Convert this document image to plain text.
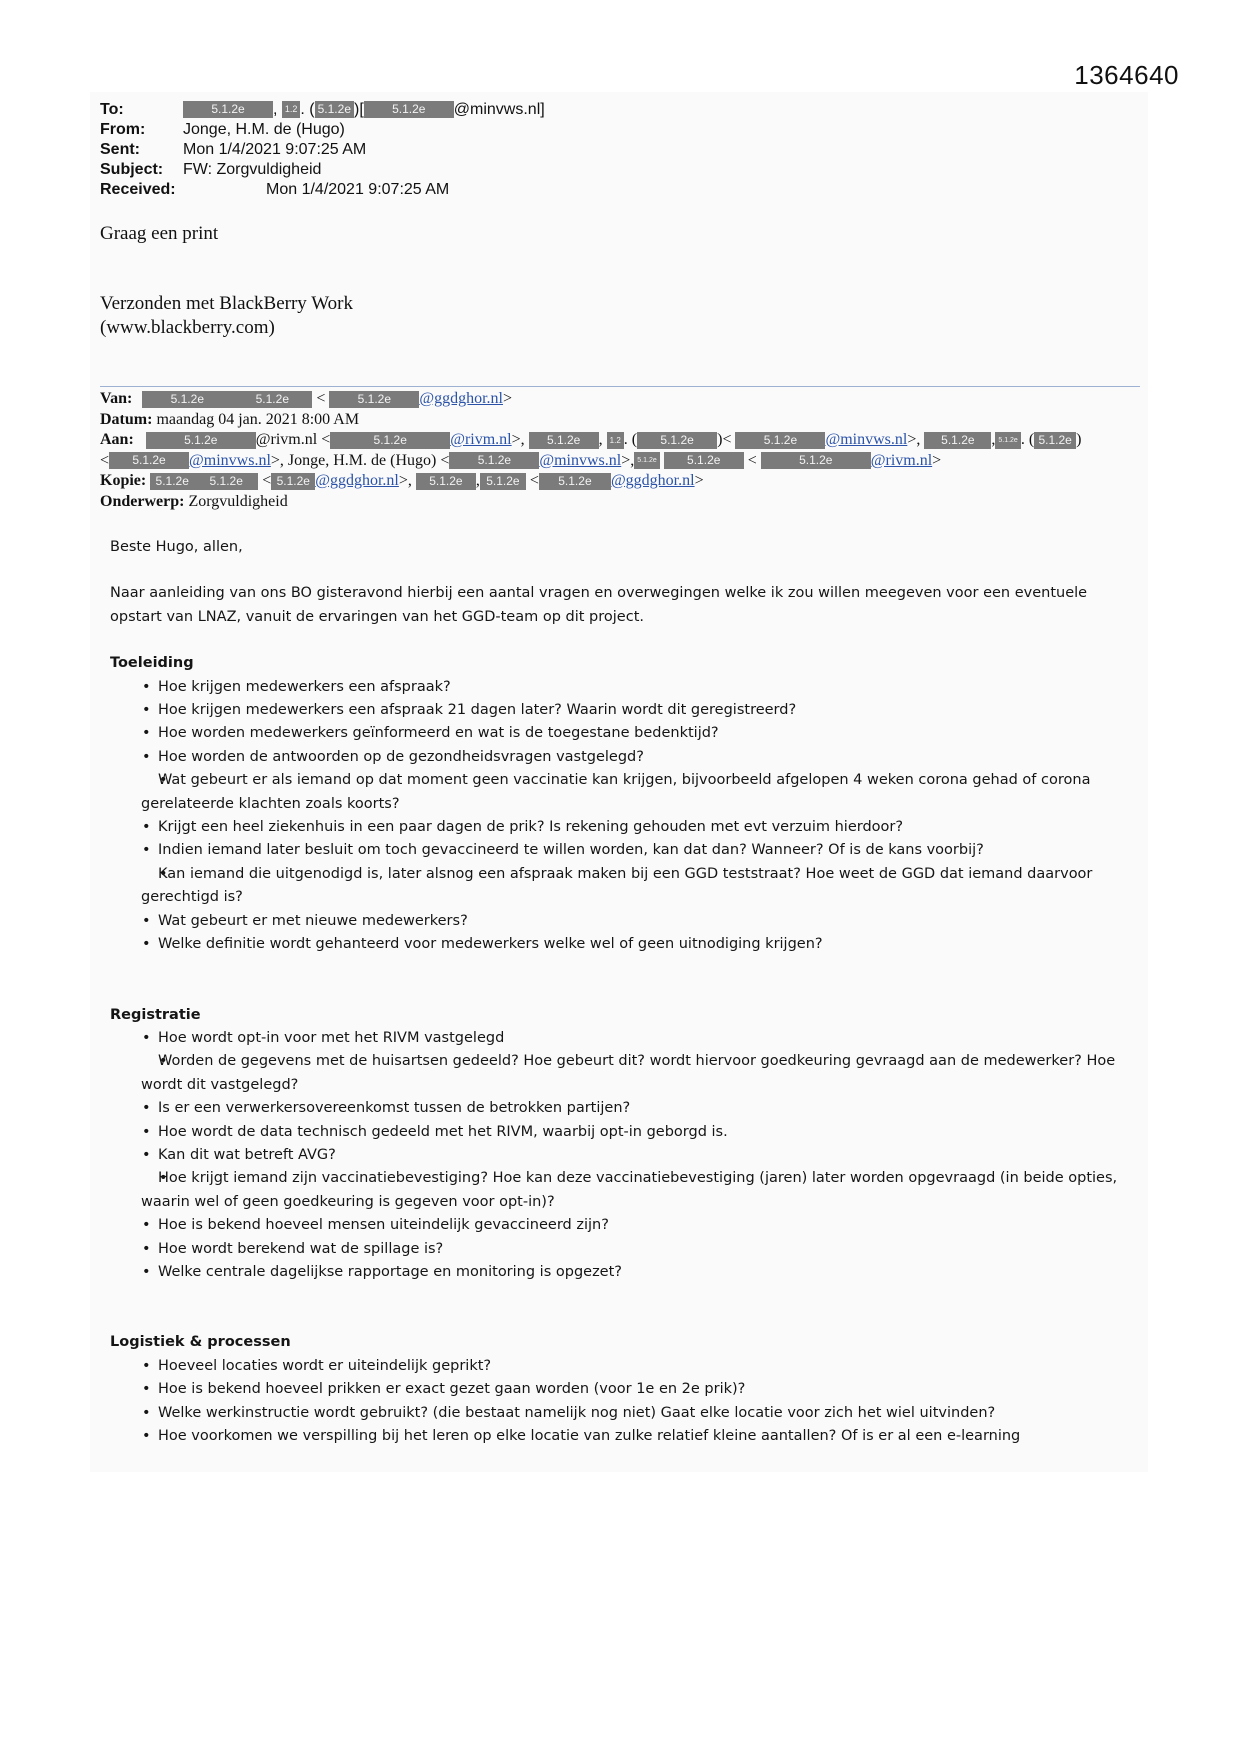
1364640
To:	5.1.2e , 1.2 . ( 5.1.2e )[ 5.1.2e @minvws.nl]
From:	Jonge, H.M. de (Hugo)
Sent:	Mon 1/4/2021 9:07:25 AM
Subject:	FW: Zorgvuldigheid
Received:	Mon 1/4/2021 9:07:25 AM
Graag een print
Verzonden met BlackBerry Work
(www.blackberry.com)
Van:	5.1.2e	5.1.2e < 5.1.2e @ggdghor.nl>
Datum: maandag 04 jan. 2021 8:00 AM
Aan:	5.1.2e @rivm.nl <	5.1.2e	@rivm.nl>, 5.1.2e , 1.2 . ( 5.1.2e )< 5.1.2e @minvws.nl>, 5.1.2e , 5.1.2e . ( 5.1.2e )
< 5.1.2e @minvws.nl>, Jonge, H.M. de (Hugo) < 5.1.2e @minvws.nl>, 5.1.2e	5.1.2e <	5.1.2e @rivm.nl>
Kopie: 5.1.2e 5.1.2e < 5.1.2e @ggdghor.nl>, 5.1.2e , 5.1.2e < 5.1.2e @ggdghor.nl>
Onderwerp: Zorgvuldigheid

Beste Hugo, allen,

Naar aanleiding van ons BO gisteravond hierbij een aantal vragen en overwegingen welke ik zou willen meegeven voor een eventuele opstart van LNAZ, vanuit de ervaringen van het GGD-team op dit project.

Toeleiding
• Hoe krijgen medewerkers een afspraak?
• Hoe krijgen medewerkers een afspraak 21 dagen later? Waarin wordt dit geregistreerd?
• Hoe worden medewerkers geïnformeerd en wat is de toegestane bedenktijd?
• Hoe worden de antwoorden op de gezondheidsvragen vastgelegd?
• Wat gebeurt er als iemand op dat moment geen vaccinatie kan krijgen, bijvoorbeeld afgelopen 4 weken corona gehad of corona gerelateerde klachten zoals koorts?
• Krijgt een heel ziekenhuis in een paar dagen de prik? Is rekening gehouden met evt verzuim hierdoor?
• Indien iemand later besluit om toch gevaccineerd te willen worden, kan dat dan? Wanneer? Of is de kans voorbij?
• Kan iemand die uitgenodigd is, later alsnog een afspraak maken bij een GGD teststraat? Hoe weet de GGD dat iemand daarvoor gerechtigd is?
• Wat gebeurt er met nieuwe medewerkers?
• Welke definitie wordt gehanteerd voor medewerkers welke wel of geen uitnodiging krijgen?
Registratie
• Hoe wordt opt-in voor met het RIVM vastgelegd
• Worden de gegevens met de huisartsen gedeeld? Hoe gebeurt dit? wordt hiervoor goedkeuring gevraagd aan de medewerker? Hoe wordt dit vastgelegd?
• Is er een verwerkersovereenkomst tussen de betrokken partijen?
• Hoe wordt de data technisch gedeeld met het RIVM, waarbij opt-in geborgd is.
• Kan dit wat betreft AVG?
• Hoe krijgt iemand zijn vaccinatiebevestiging? Hoe kan deze vaccinatiebevestiging (jaren) later worden opgevraagd (in beide opties, waarin wel of geen goedkeuring is gegeven voor opt-in)?
• Hoe is bekend hoeveel mensen uiteindelijk gevaccineerd zijn?
• Hoe wordt berekend wat de spillage is?
• Welke centrale dagelijkse rapportage en monitoring is opgezet?
Logistiek & processen
• Hoeveel locaties wordt er uiteindelijk geprikt?
• Hoe is bekend hoeveel prikken er exact gezet gaan worden (voor 1e en 2e prik)?
• Welke werkinstructie wordt gebruikt? (die bestaat namelijk nog niet) Gaat elke locatie voor zich het wiel uitvinden?
• Hoe voorkomen we verspilling bij het leren op elke locatie van zulke relatief kleine aantallen? Of is er al een e-learning
